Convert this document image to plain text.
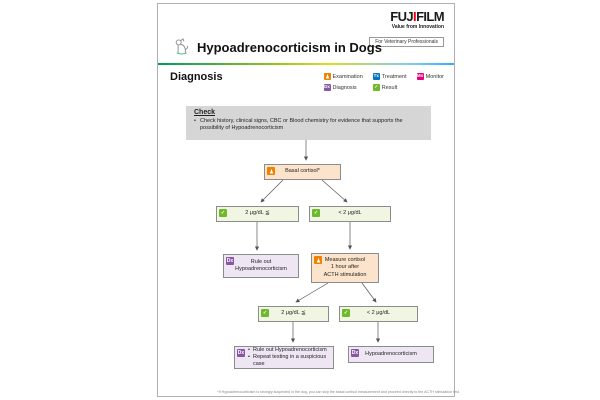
FUJIFILM
Value from Innovation
For Veterinary Professionals
Hypoadrenocorticism in Dogs
Diagnosis	Examination Tx Treatment Mo Monitor
Dx Diagnosis	✓ Result
Check
• Check history, clinical signs, CBC or Blood chemistry for evidence that supports the possibility of Hypoadrenocorticism
Basal cortisol*
✓	2 μg/dL ≦	✓	< 2 μg/dL
Dx	Rule out
Hypoadrenocorticism
Measure cortisol
1 hour after
ACTH stimulation
✓	2 μg/dL ≦	✓	< 2 μg/dL
Dx	• Rule out Hypoadrenocorticism
• Repeat testing in a suspicious case
Dx Hypoadrenocorticism
*If Hypoadrenocorticism is strongly suspected in the dog, you can skip the basal cortisol measurement and proceed directly to the ACTH stimulation test.
